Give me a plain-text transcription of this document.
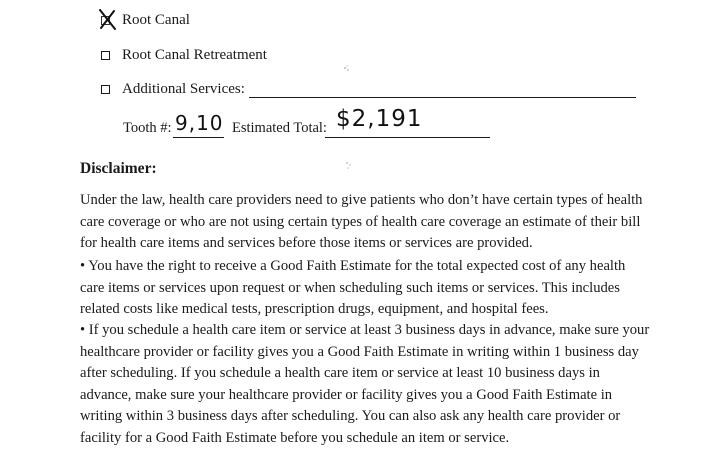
Root Canal
Root Canal Retreatment
Additional Services:
Tooth #: 9,10 Estimated Total: $2,191
Disclaimer:

Under the law, health care providers need to give patients who don’t have certain types of health care coverage or who are not using certain types of health care coverage an estimate of their bill for health care items and services before those items or services are provided.

• You have the right to receive a Good Faith Estimate for the total expected cost of any health care items or services upon request or when scheduling such items or services. This includes related costs like medical tests, prescription drugs, equipment, and hospital fees.

• If you schedule a health care item or service at least 3 business days in advance, make sure your healthcare provider or facility gives you a Good Faith Estimate in writing within 1 business day after scheduling. If you schedule a health care item or service at least 10 business days in advance, make sure your healthcare provider or facility gives you a Good Faith Estimate in writing within 3 business days after scheduling. You can also ask any health care provider or facility for a Good Faith Estimate before you schedule an item or service.
